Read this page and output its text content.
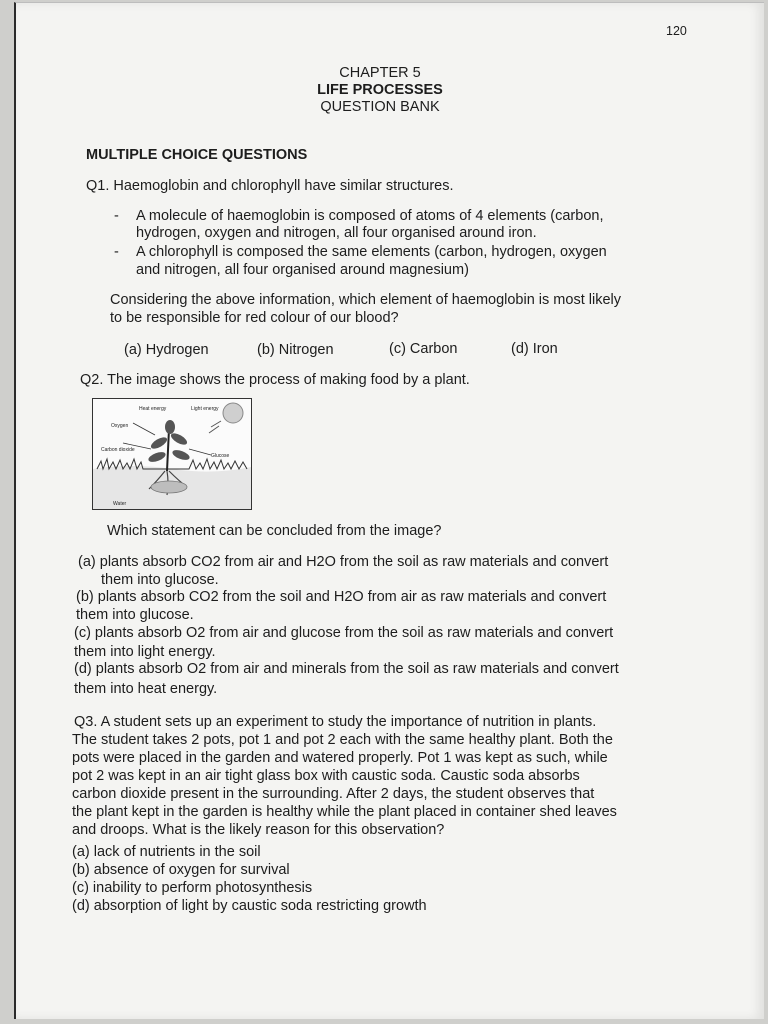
120
CHAPTER 5
LIFE PROCESSES
QUESTION BANK
MULTIPLE CHOICE QUESTIONS
Q1. Haemoglobin and chlorophyll have similar structures.
- A molecule of haemoglobin is composed of atoms of 4 elements (carbon,
hydrogen, oxygen and nitrogen, all four organised around iron.
- A chlorophyll is composed the same elements (carbon, hydrogen, oxygen
and nitrogen, all four organised around magnesium)
Considering the above information, which element of haemoglobin is most likely
to be responsible for red colour of our blood?
(a) Hydrogen	(b) Nitrogen	(c) Carbon	(d) Iron
Q2. The image shows the process of making food by a plant.
Heat energy	Light energy
Oxygen
Carbon dioxide
Glucose
Water
Which statement can be concluded from the image?
(a) plants absorb CO2 from air and H2O from the soil as raw materials and convert
them into glucose.
(b) plants absorb CO2 from the soil and H2O from air as raw materials and convert
them into glucose.
(c) plants absorb O2 from air and glucose from the soil as raw materials and convert
them into light energy.
(d) plants absorb O2 from air and minerals from the soil as raw materials and convert
them into heat energy.
Q3. A student sets up an experiment to study the importance of nutrition in plants.
The student takes 2 pots, pot 1 and pot 2 each with the same healthy plant. Both the
pots were placed in the garden and watered properly. Pot 1 was kept as such, while
pot 2 was kept in an air tight glass box with caustic soda. Caustic soda absorbs
carbon dioxide present in the surrounding. After 2 days, the student observes that
the plant kept in the garden is healthy while the plant placed in container shed leaves
and droops. What is the likely reason for this observation?
(a) lack of nutrients in the soil
(b) absence of oxygen for survival
(c) inability to perform photosynthesis
(d) absorption of light by caustic soda restricting growth
